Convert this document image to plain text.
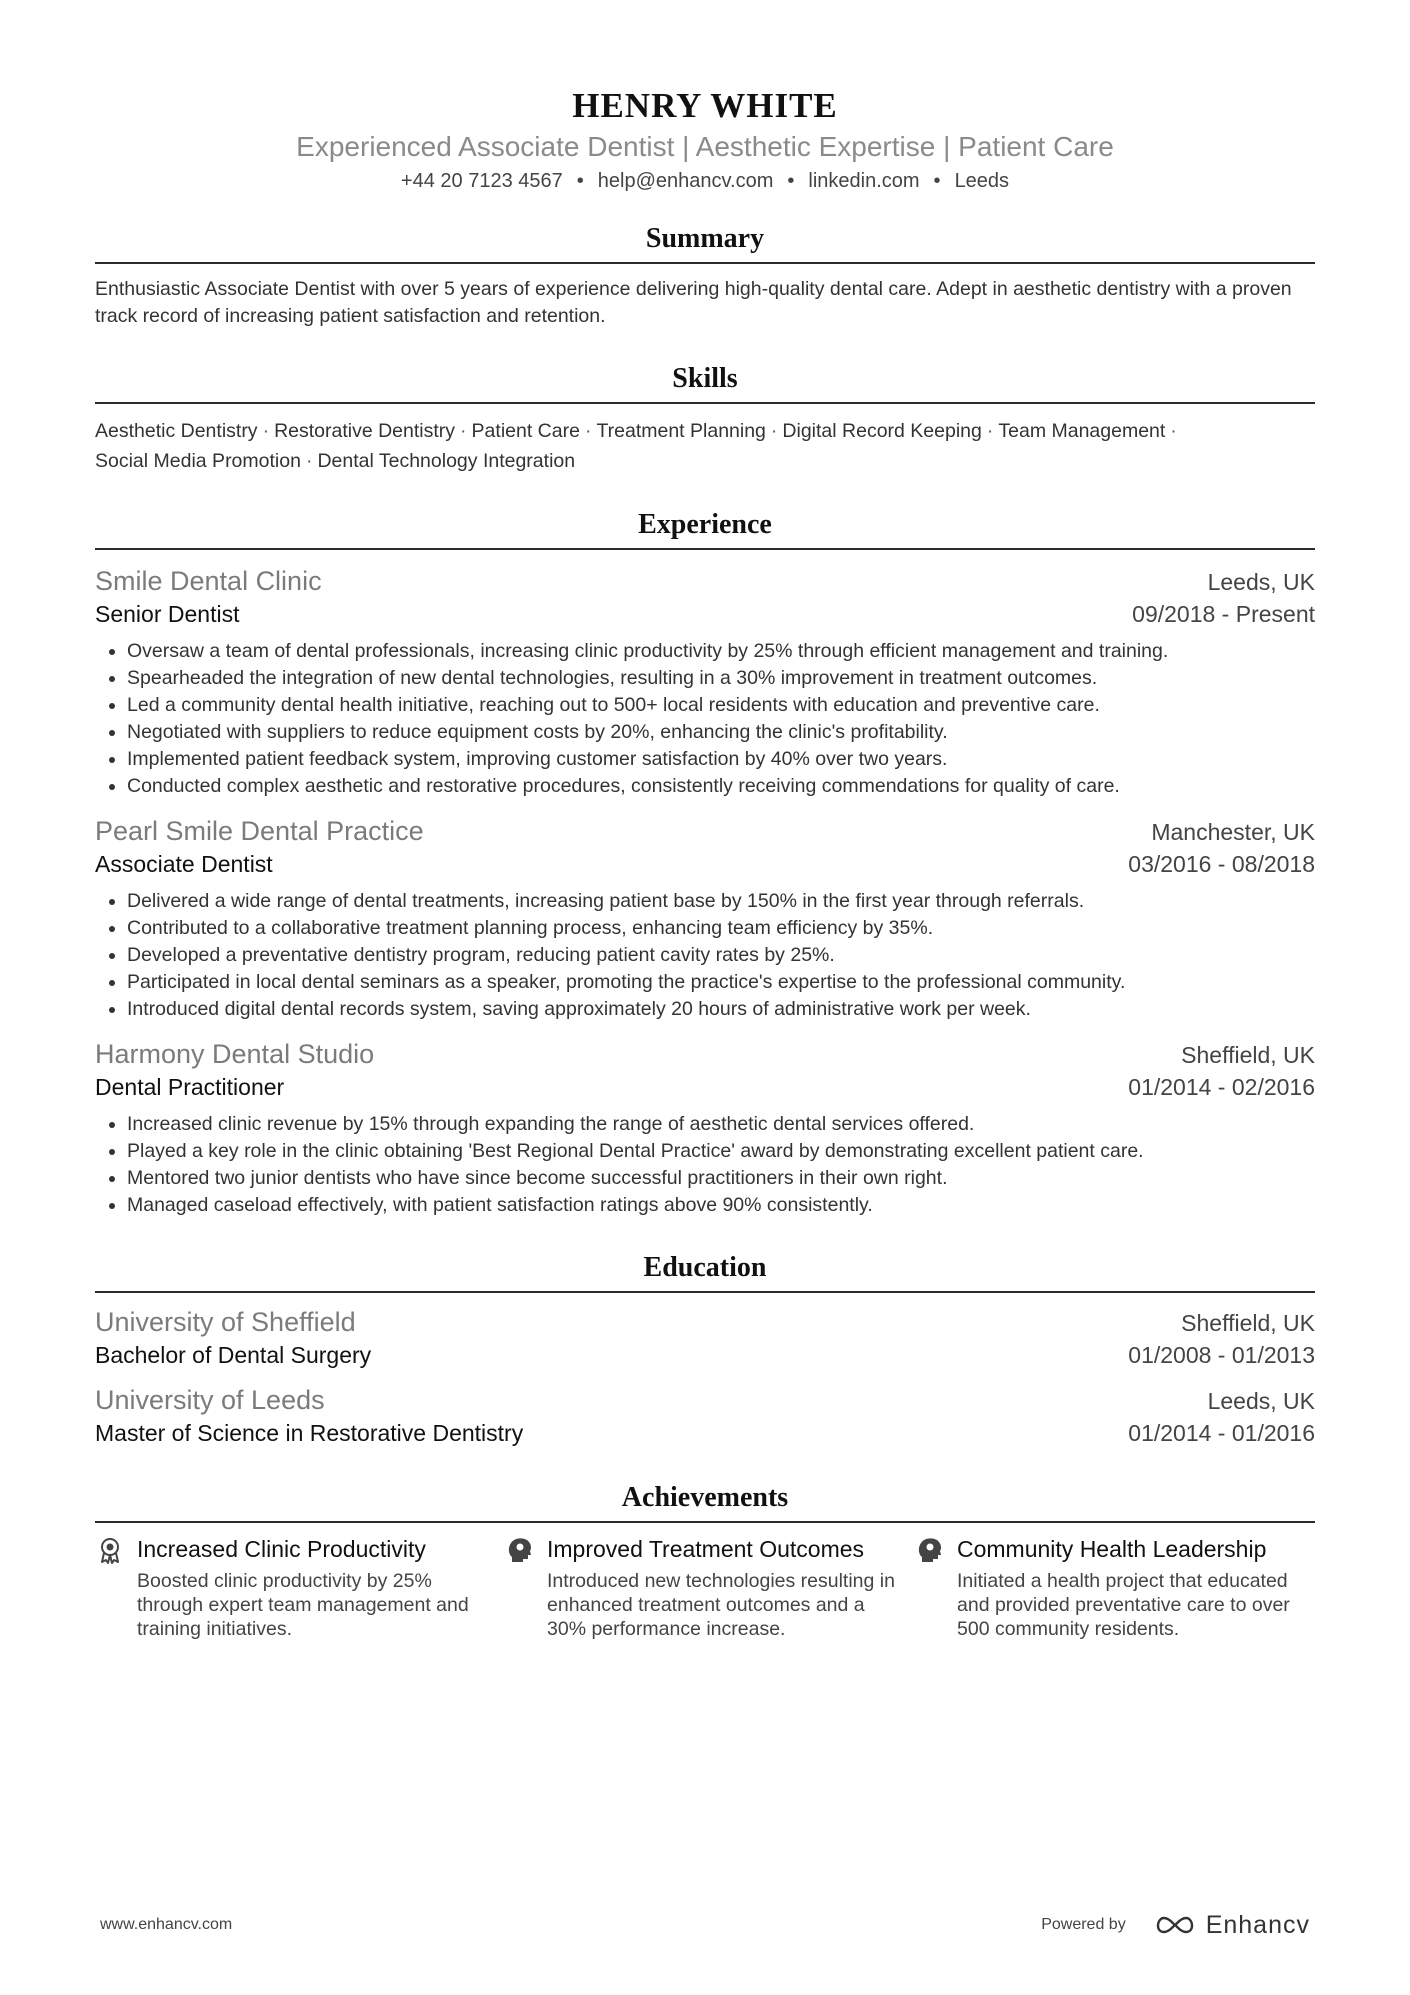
HENRY WHITE
Experienced Associate Dentist | Aesthetic Expertise | Patient Care
+44 20 7123 4567 • help@enhancv.com • linkedin.com • Leeds
Summary
Enthusiastic Associate Dentist with over 5 years of experience delivering high-quality dental care. Adept in aesthetic dentistry with a proven track record of increasing patient satisfaction and retention.
Skills
Aesthetic Dentistry · Restorative Dentistry · Patient Care · Treatment Planning · Digital Record Keeping · Team Management ·
Social Media Promotion · Dental Technology Integration
Experience
Smile Dental Clinic	Leeds, UK
Senior Dentist	09/2018 - Present
• Oversaw a team of dental professionals, increasing clinic productivity by 25% through efficient management and training.
• Spearheaded the integration of new dental technologies, resulting in a 30% improvement in treatment outcomes.
• Led a community dental health initiative, reaching out to 500+ local residents with education and preventive care.
• Negotiated with suppliers to reduce equipment costs by 20%, enhancing the clinic's profitability.
• Implemented patient feedback system, improving customer satisfaction by 40% over two years.
• Conducted complex aesthetic and restorative procedures, consistently receiving commendations for quality of care.
Pearl Smile Dental Practice	Manchester, UK
Associate Dentist	03/2016 - 08/2018
• Delivered a wide range of dental treatments, increasing patient base by 150% in the first year through referrals.
• Contributed to a collaborative treatment planning process, enhancing team efficiency by 35%.
• Developed a preventative dentistry program, reducing patient cavity rates by 25%.
• Participated in local dental seminars as a speaker, promoting the practice's expertise to the professional community.
• Introduced digital dental records system, saving approximately 20 hours of administrative work per week.
Harmony Dental Studio	Sheffield, UK
Dental Practitioner	01/2014 - 02/2016
• Increased clinic revenue by 15% through expanding the range of aesthetic dental services offered.
• Played a key role in the clinic obtaining 'Best Regional Dental Practice' award by demonstrating excellent patient care.
• Mentored two junior dentists who have since become successful practitioners in their own right.
• Managed caseload effectively, with patient satisfaction ratings above 90% consistently.
Education
University of Sheffield	Sheffield, UK
Bachelor of Dental Surgery	01/2008 - 01/2013
University of Leeds	Leeds, UK
Master of Science in Restorative Dentistry	01/2014 - 01/2016
Achievements
Increased Clinic Productivity
Boosted clinic productivity by 25% through expert team management and training initiatives.
Improved Treatment Outcomes
Introduced new technologies resulting in enhanced treatment outcomes and a 30% performance increase.
Community Health Leadership
Initiated a health project that educated and provided preventative care to over 500 community residents.
www.enhancv.com	Powered by	Enhancv
